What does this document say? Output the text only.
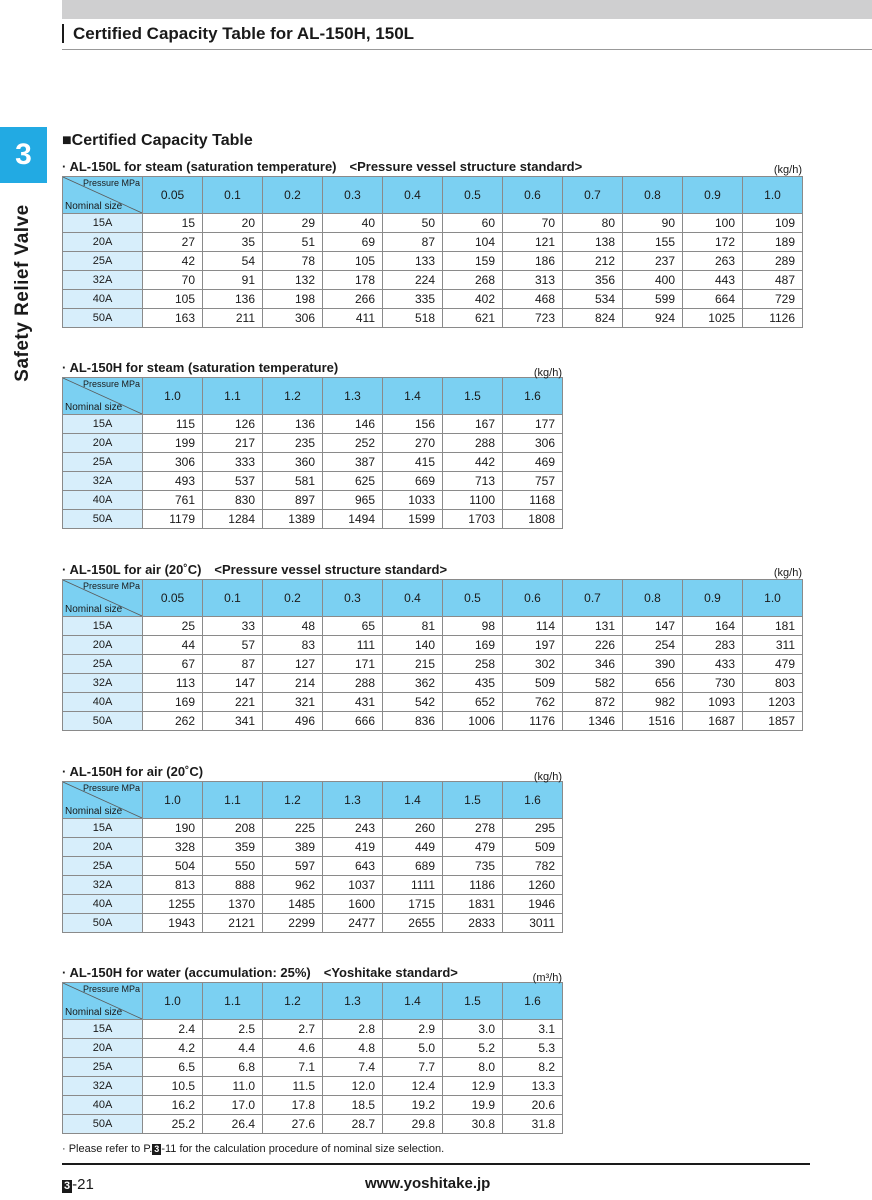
Certified Capacity Table for AL-150H, 150L
3
Safety Relief Valve
■Certified Capacity Table
· AL-150L for steam (saturation temperature)　<Pressure vessel structure standard>	(kg/h)
Pressure MPa
Nominal size	0.05	0.1	0.2	0.3	0.4	0.5	0.6	0.7	0.8	0.9	1.0
15A	15	20	29	40	50	60	70	80	90	100	109
20A	27	35	51	69	87	104	121	138	155	172	189
25A	42	54	78	105	133	159	186	212	237	263	289
32A	70	91	132	178	224	268	313	356	400	443	487
40A	105	136	198	266	335	402	468	534	599	664	729
50A	163	211	306	411	518	621	723	824	924	1025	1126
· AL-150H for steam (saturation temperature)	(kg/h)
Pressure MPa
Nominal size	1.0	1.1	1.2	1.3	1.4	1.5	1.6
15A	115	126	136	146	156	167	177
20A	199	217	235	252	270	288	306
25A	306	333	360	387	415	442	469
32A	493	537	581	625	669	713	757
40A	761	830	897	965	1033	1100	1168
50A	1179	1284	1389	1494	1599	1703	1808
· AL-150L for air (20˚C)　<Pressure vessel structure standard>	(kg/h)
Pressure MPa
Nominal size	0.05	0.1	0.2	0.3	0.4	0.5	0.6	0.7	0.8	0.9	1.0
15A	25	33	48	65	81	98	114	131	147	164	181
20A	44	57	83	111	140	169	197	226	254	283	311
25A	67	87	127	171	215	258	302	346	390	433	479
32A	113	147	214	288	362	435	509	582	656	730	803
40A	169	221	321	431	542	652	762	872	982	1093	1203
50A	262	341	496	666	836	1006	1176	1346	1516	1687	1857
· AL-150H for air (20˚C)	(kg/h)
Pressure MPa
Nominal size	1.0	1.1	1.2	1.3	1.4	1.5	1.6
15A	190	208	225	243	260	278	295
20A	328	359	389	419	449	479	509
25A	504	550	597	643	689	735	782
32A	813	888	962	1037	1111	1186	1260
40A	1255	1370	1485	1600	1715	1831	1946
50A	1943	2121	2299	2477	2655	2833	3011
· AL-150H for water (accumulation: 25%)　<Yoshitake standard>	(m³/h)
Pressure MPa
Nominal size	1.0	1.1	1.2	1.3	1.4	1.5	1.6
15A	2.4	2.5	2.7	2.8	2.9	3.0	3.1
20A	4.2	4.4	4.6	4.8	5.0	5.2	5.3
25A	6.5	6.8	7.1	7.4	7.7	8.0	8.2
32A	10.5	11.0	11.5	12.0	12.4	12.9	13.3
40A	16.2	17.0	17.8	18.5	19.2	19.9	20.6
50A	25.2	26.4	27.6	28.7	29.8	30.8	31.8
· Please refer to P. 3 -11 for the calculation procedure of nominal size selection.
3 -21	www.yoshitake.jp
